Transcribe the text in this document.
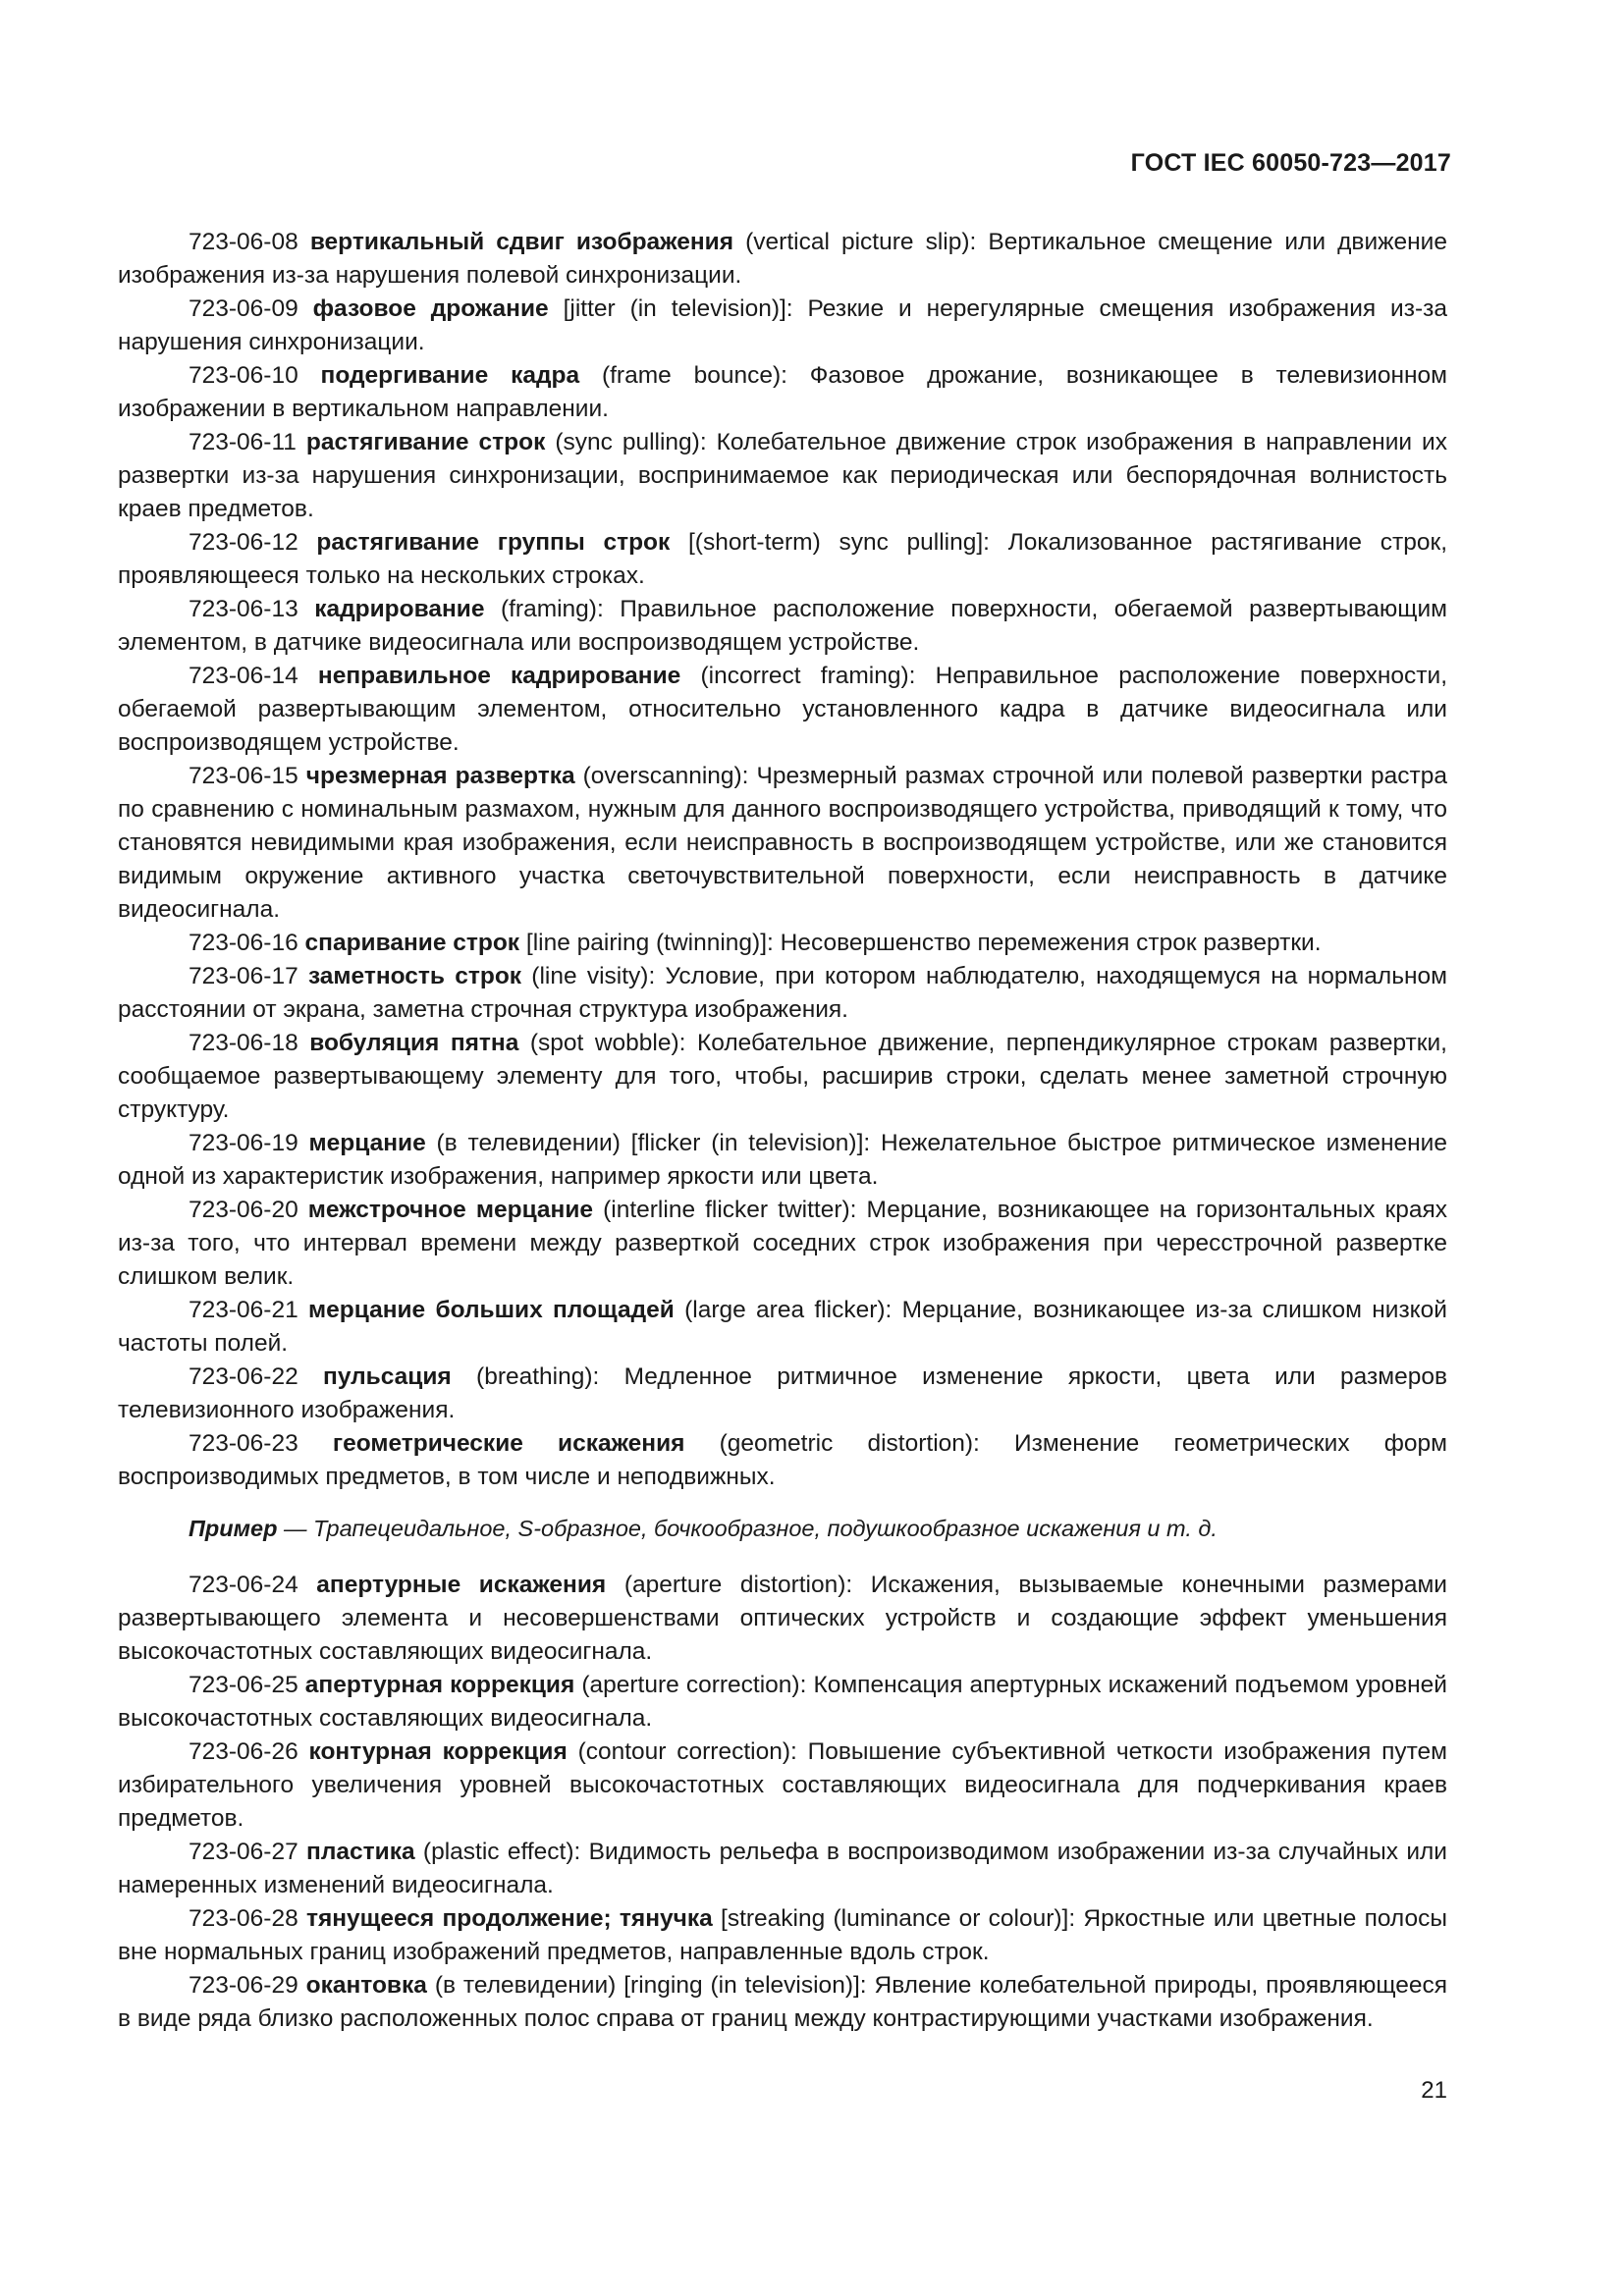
ГОСТ IEC 60050-723—2017

723-06-08 вертикальный сдвиг изображения (vertical picture slip): Вертикальное смещение или движение изображения из-за нарушения полевой синхронизации.

723-06-09 фазовое дрожание [jitter (in television)]: Резкие и нерегулярные смещения изображения из-за нарушения синхронизации.

723-06-10 подергивание кадра (frame bounce): Фазовое дрожание, возникающее в телевизионном изображении в вертикальном направлении.

723-06-11 растягивание строк (sync pulling): Колебательное движение строк изображения в направлении их развертки из-за нарушения синхронизации, воспринимаемое как периодическая или беспорядочная волнистость краев предметов.

723-06-12 растягивание группы строк [(short-term) sync pulling]: Локализованное растягивание строк, проявляющееся только на нескольких строках.

723-06-13 кадрирование (framing): Правильное расположение поверхности, обегаемой развертывающим элементом, в датчике видеосигнала или воспроизводящем устройстве.

723-06-14 неправильное кадрирование (incorrect framing): Неправильное расположение поверхности, обегаемой развертывающим элементом, относительно установленного кадра в датчике видеосигнала или воспроизводящем устройстве.

723-06-15 чрезмерная развертка (overscanning): Чрезмерный размах строчной или полевой развертки растра по сравнению с номинальным размахом, нужным для данного воспроизводящего устройства, приводящий к тому, что становятся невидимыми края изображения, если неисправность в воспроизводящем устройстве, или же становится видимым окружение активного участка светочувствительной поверхности, если неисправность в датчике видеосигнала.

723-06-16 спаривание строк [line pairing (twinning)]: Несовершенство перемежения строк развертки.

723-06-17 заметность строк (line visity): Условие, при котором наблюдателю, находящемуся на нормальном расстоянии от экрана, заметна строчная структура изображения.

723-06-18 вобуляция пятна (spot wobble): Колебательное движение, перпендикулярное строкам развертки, сообщаемое развертывающему элементу для того, чтобы, расширив строки, сделать менее заметной строчную структуру.

723-06-19 мерцание (в телевидении) [flicker (in television)]: Нежелательное быстрое ритмическое изменение одной из характеристик изображения, например яркости или цвета.

723-06-20 межстрочное мерцание (interline flicker twitter): Мерцание, возникающее на горизонтальных краях из-за того, что интервал времени между разверткой соседних строк изображения при чересстрочной развертке слишком велик.

723-06-21 мерцание больших площадей (large area flicker): Мерцание, возникающее из-за слишком низкой частоты полей.

723-06-22 пульсация (breathing): Медленное ритмичное изменение яркости, цвета или размеров телевизионного изображения.

723-06-23 геометрические искажения (geometric distortion): Изменение геометрических форм воспроизводимых предметов, в том числе и неподвижных.

Пример — Трапецеидальное, S-образное, бочкообразное, подушкообразное искажения и т. д.

723-06-24 апертурные искажения (aperture distortion): Искажения, вызываемые конечными размерами развертывающего элемента и несовершенствами оптических устройств и создающие эффект уменьшения высокочастотных составляющих видеосигнала.

723-06-25 апертурная коррекция (aperture correction): Компенсация апертурных искажений подъемом уровней высокочастотных составляющих видеосигнала.

723-06-26 контурная коррекция (contour correction): Повышение субъективной четкости изображения путем избирательного увеличения уровней высокочастотных составляющих видеосигнала для подчеркивания краев предметов.

723-06-27 пластика (plastic effect): Видимость рельефа в воспроизводимом изображении из-за случайных или намеренных изменений видеосигнала.

723-06-28 тянущееся продолжение; тянучка [streaking (luminance or colour)]: Яркостные или цветные полосы вне нормальных границ изображений предметов, направленные вдоль строк.

723-06-29 окантовка (в телевидении) [ringing (in television)]: Явление колебательной природы, проявляющееся в виде ряда близко расположенных полос справа от границ между контрастирующими участками изображения.

21
